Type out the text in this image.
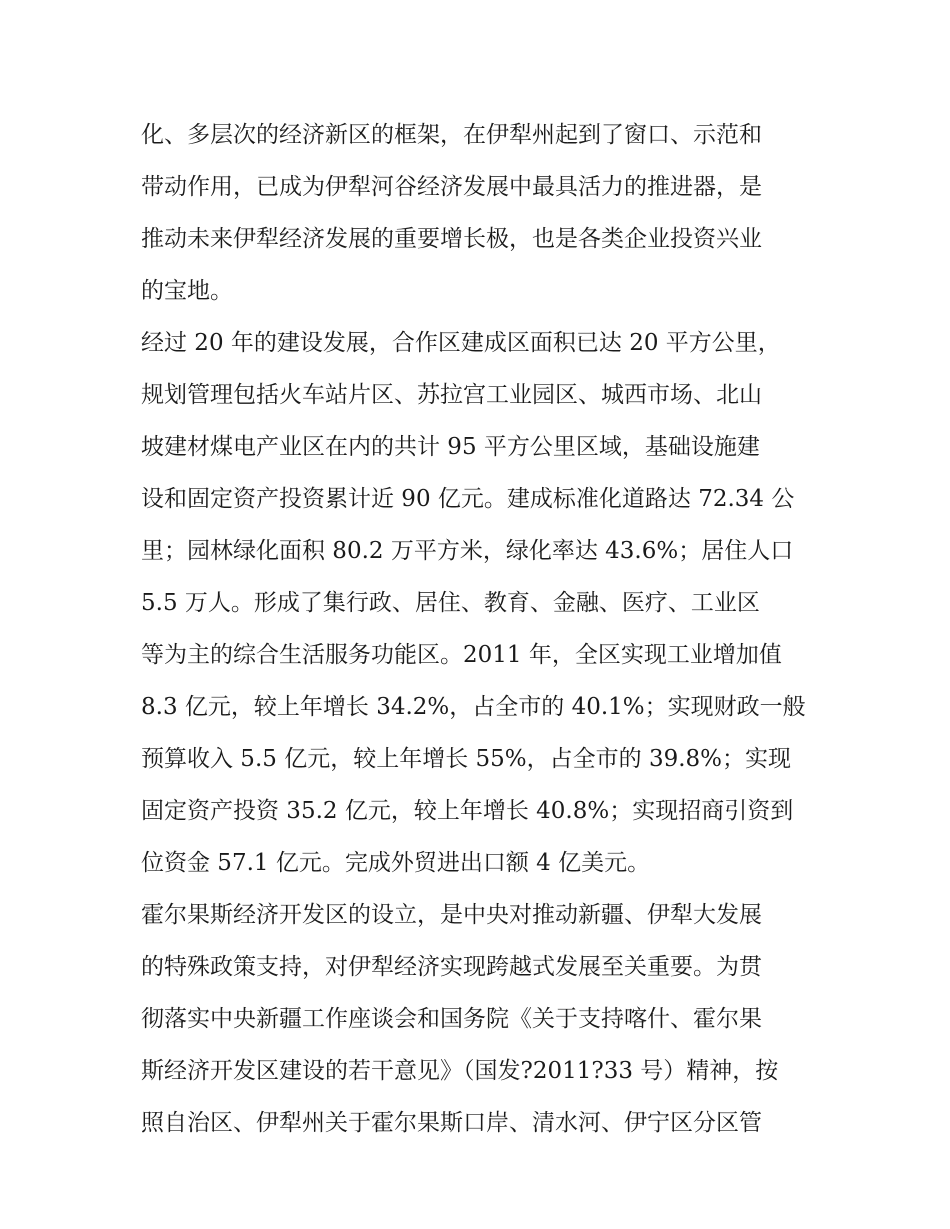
化、多层次的经济新区的框架，在伊犁州起到了窗口、示范和
带动作用，已成为伊犁河谷经济发展中最具活力的推进器，是
推动未来伊犁经济发展的重要增长极，也是各类企业投资兴业
的宝地。
经过 20 年的建设发展，合作区建成区面积已达 20 平方公里，
规划管理包括火车站片区、苏拉宫工业园区、城西市场、北山
坡建材煤电产业区在内的共计 95 平方公里区域，基础设施建
设和固定资产投资累计近 90 亿元。建成标准化道路达 72.34 公
里；园林绿化面积 80.2 万平方米，绿化率达 43.6%；居住人口
5.5 万人。形成了集行政、居住、教育、金融、医疗、工业区
等为主的综合生活服务功能区。2011 年，全区实现工业增加值
8.3 亿元，较上年增长 34.2%，占全市的 40.1%；实现财政一般
预算收入 5.5 亿元，较上年增长 55%，占全市的 39.8%；实现
固定资产投资 35.2 亿元，较上年增长 40.8%；实现招商引资到
位资金 57.1 亿元。完成外贸进出口额 4 亿美元。
霍尔果斯经济开发区的设立，是中央对推动新疆、伊犁大发展
的特殊政策支持，对伊犁经济实现跨越式发展至关重要。为贯
彻落实中央新疆工作座谈会和国务院《关于支持喀什、霍尔果
斯经济开发区建设的若干意见》（国发?2011?33 号）精神，按
照自治区、伊犁州关于霍尔果斯口岸、清水河、伊宁区分区管
